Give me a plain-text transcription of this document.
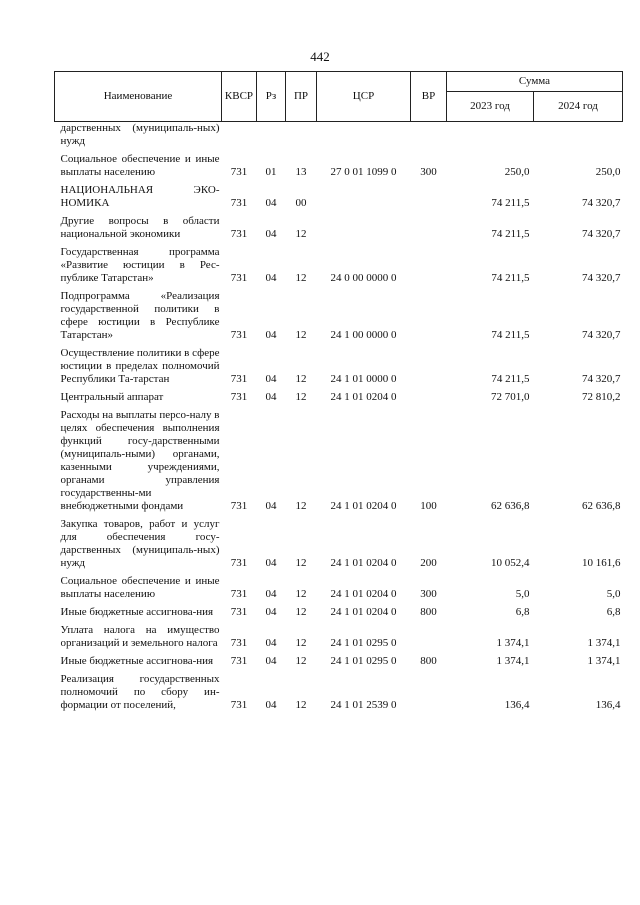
442
Наименование	КВСР	Рз	ПР	ЦСР	ВР	Сумма	
						2023 год	2024 год
дарственных (муниципаль-ных) нужд							

Социальное обеспечение и иные выплаты населению	731	01	13	27 0 01 1099 0	300	250,0	250,0

НАЦИОНАЛЬНАЯ ЭКО-НОМИКА	731	04	00			74 211,5	74 320,7

Другие вопросы в области национальной экономики	731	04	12			74 211,5	74 320,7

Государственная программа «Развитие юстиции в Рес-публике Татарстан»	731	04	12	24 0 00 0000 0		74 211,5	74 320,7

Подпрограмма «Реализация государственной политики в сфере юстиции в Республике Татарстан»	731	04	12	24 1 00 0000 0		74 211,5	74 320,7

Осуществление политики в сфере юстиции в пределах полномочий Республики Та-тарстан	731	04	12	24 1 01 0000 0		74 211,5	74 320,7

Центральный аппарат	731	04	12	24 1 01 0204 0		72 701,0	72 810,2

Расходы на выплаты персо-налу в целях обеспечения выполнения функций госу-дарственными (муниципаль-ными) органами, казенными учреждениями, органами управления государственны-ми внебюджетными фондами	731	04	12	24 1 01 0204 0	100	62 636,8	62 636,8

Закупка товаров, работ и услуг для обеспечения госу-дарственных (муниципаль-ных) нужд	731	04	12	24 1 01 0204 0	200	10 052,4	10 161,6

Социальное обеспечение и иные выплаты населению	731	04	12	24 1 01 0204 0	300	5,0	5,0

Иные бюджетные ассигнова-ния	731	04	12	24 1 01 0204 0	800	6,8	6,8

Уплата налога на имущество организаций и земельного налога	731	04	12	24 1 01 0295 0		1 374,1	1 374,1

Иные бюджетные ассигнова-ния	731	04	12	24 1 01 0295 0	800	1 374,1	1 374,1

Реализация государственных полномочий по сбору ин-формации от поселений,	731	04	12	24 1 01 2539 0		136,4	136,4
